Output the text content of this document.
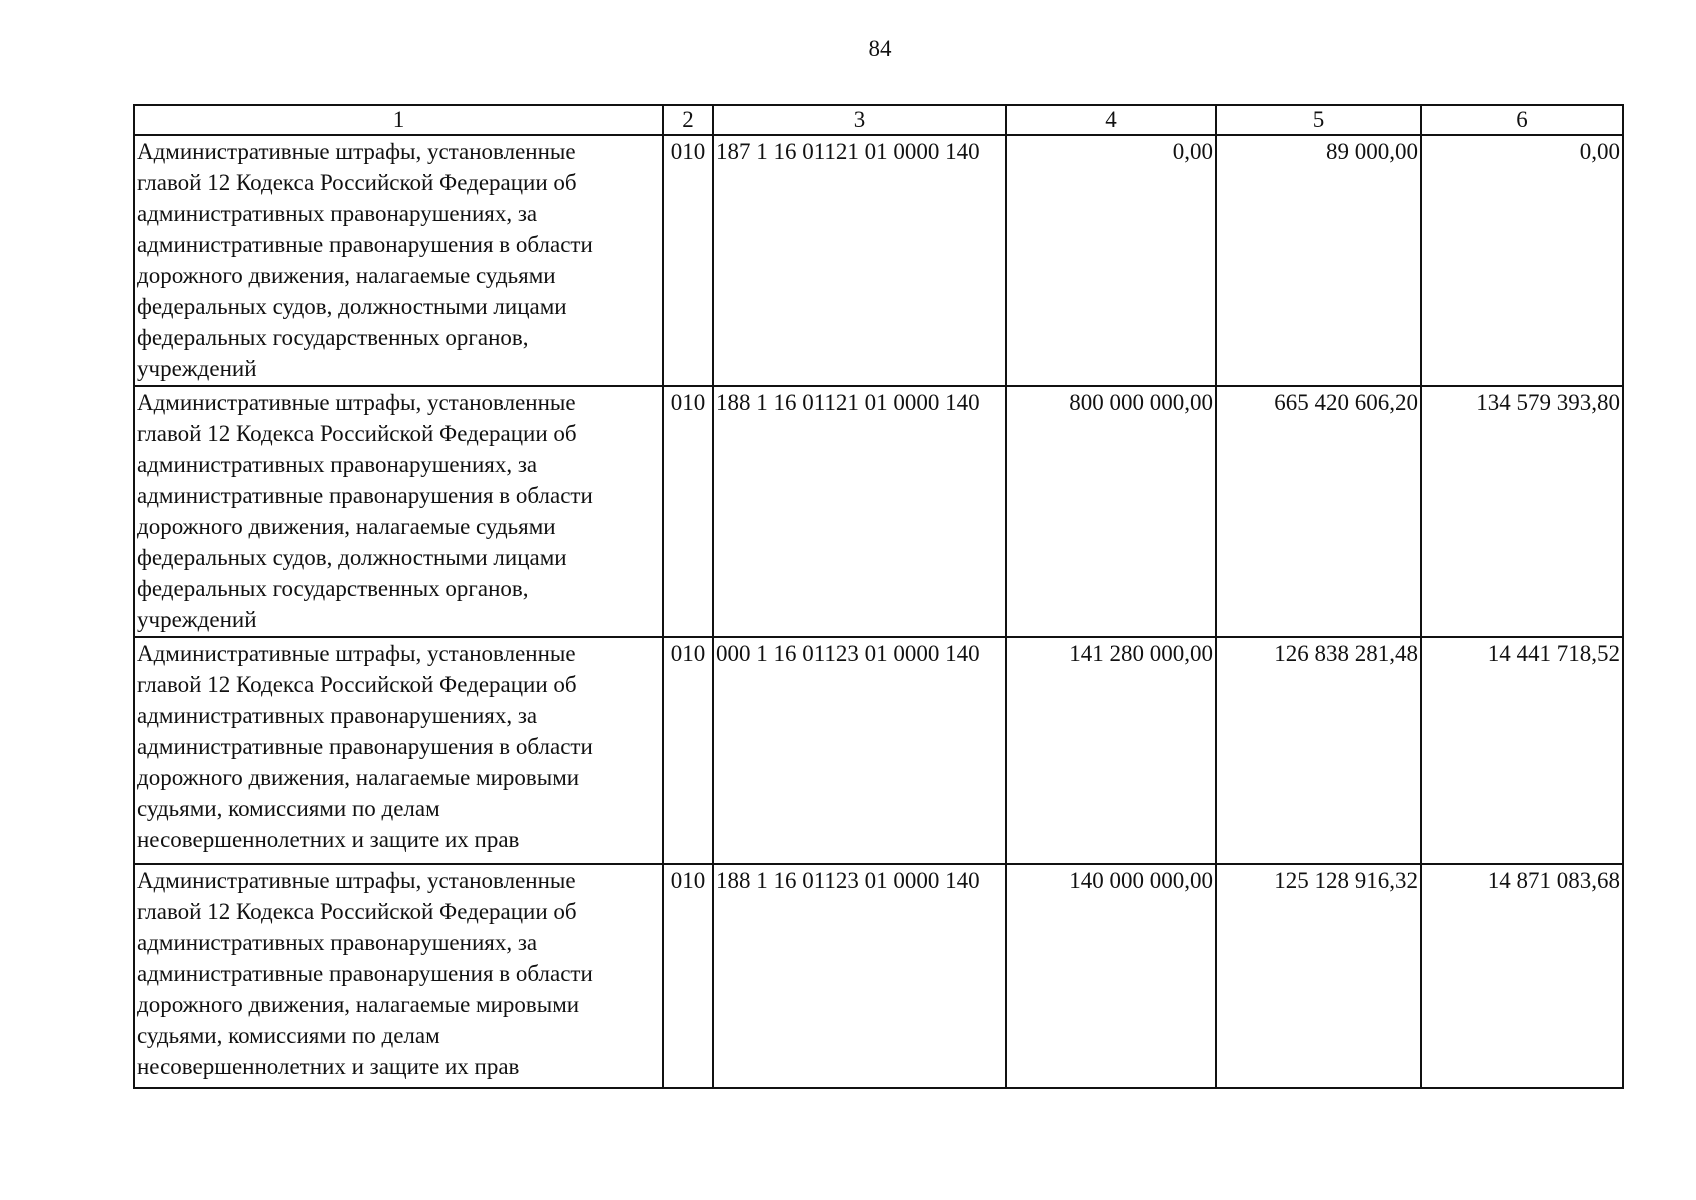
84
1	2	3	4	5	6
Административные штрафы, установленные главой 12 Кодекса Российской Федерации об административных правонарушениях, за административные правонарушения в области дорожного движения, налагаемые судьями федеральных судов, должностными лицами федеральных государственных органов, учреждений	010	187 1 16 01121 01 0000 140	0,00	89 000,00	0,00
Административные штрафы, установленные главой 12 Кодекса Российской Федерации об административных правонарушениях, за административные правонарушения в области дорожного движения, налагаемые судьями федеральных судов, должностными лицами федеральных государственных органов, учреждений	010	188 1 16 01121 01 0000 140	800 000 000,00	665 420 606,20	134 579 393,80
Административные штрафы, установленные главой 12 Кодекса Российской Федерации об административных правонарушениях, за административные правонарушения в области дорожного движения, налагаемые мировыми судьями, комиссиями по делам несовершеннолетних и защите их прав	010	000 1 16 01123 01 0000 140	141 280 000,00	126 838 281,48	14 441 718,52
Административные штрафы, установленные главой 12 Кодекса Российской Федерации об административных правонарушениях, за административные правонарушения в области дорожного движения, налагаемые мировыми судьями, комиссиями по делам несовершеннолетних и защите их прав	010	188 1 16 01123 01 0000 140	140 000 000,00	125 128 916,32	14 871 083,68
